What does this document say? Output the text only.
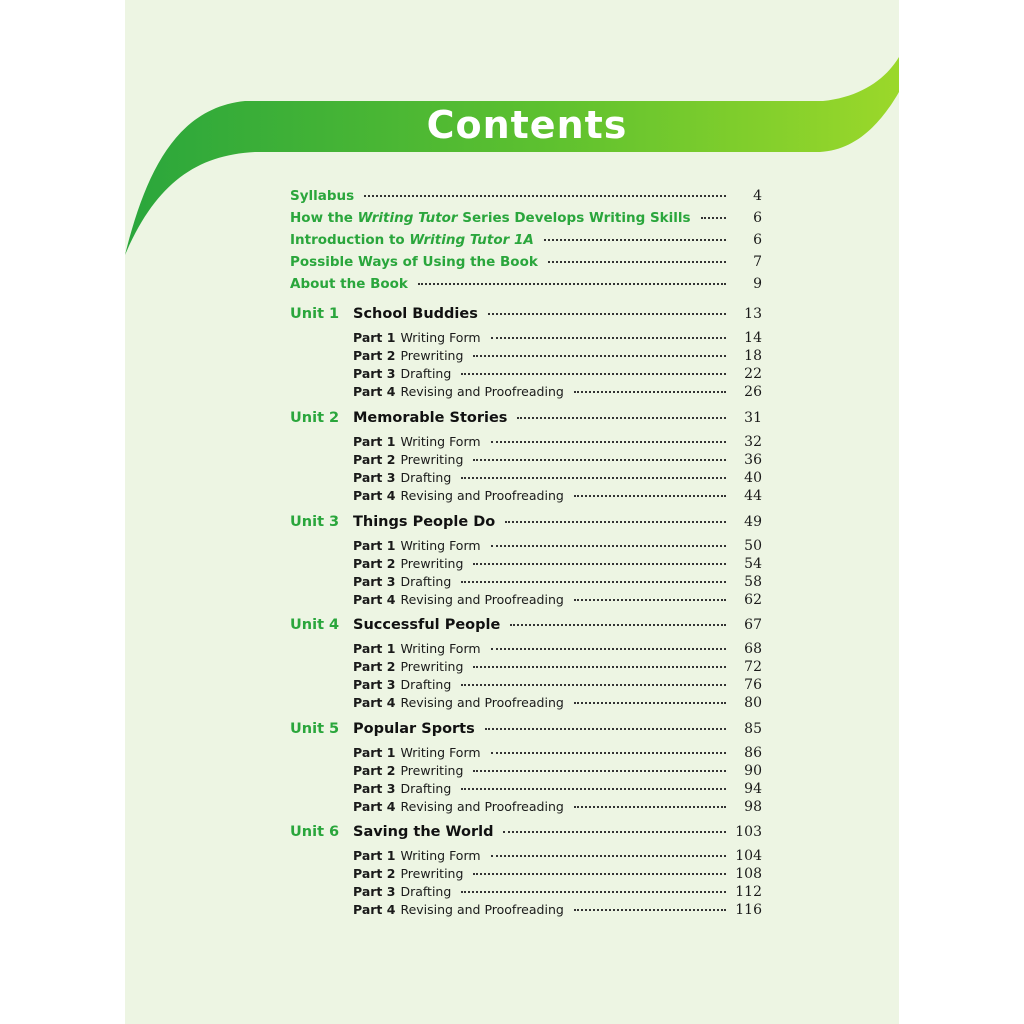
Contents
Syllabus	4
How the Writing Tutor Series Develops Writing Skills	6
Introduction to Writing Tutor 1A	6
Possible Ways of Using the Book	7
About the Book	9
Unit 1 School Buddies	13
Part 1 Writing Form	14
Part 2 Prewriting	18
Part 3 Drafting	22
Part 4 Revising and Proofreading	26
Unit 2 Memorable Stories	31
Part 1 Writing Form	32
Part 2 Prewriting	36
Part 3 Drafting	40
Part 4 Revising and Proofreading	44
Unit 3 Things People Do	49
Part 1 Writing Form	50
Part 2 Prewriting	54
Part 3 Drafting	58
Part 4 Revising and Proofreading	62
Unit 4 Successful People	67
Part 1 Writing Form	68
Part 2 Prewriting	72
Part 3 Drafting	76
Part 4 Revising and Proofreading	80
Unit 5 Popular Sports	85
Part 1 Writing Form	86
Part 2 Prewriting	90
Part 3 Drafting	94
Part 4 Revising and Proofreading	98
Unit 6 Saving the World	103
Part 1 Writing Form	104
Part 2 Prewriting	108
Part 3 Drafting	112
Part 4 Revising and Proofreading	116
